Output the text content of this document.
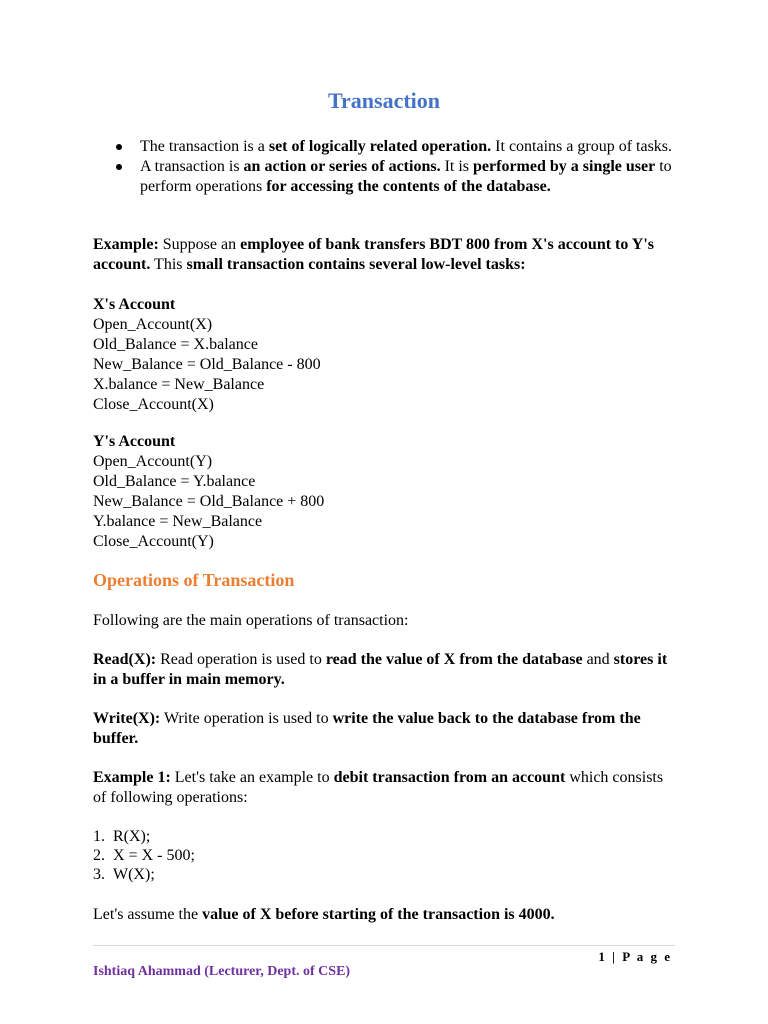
Transaction
The transaction is a set of logically related operation. It contains a group of tasks.
A transaction is an action or series of actions. It is performed by a single user to perform operations for accessing the contents of the database.
Example: Suppose an employee of bank transfers BDT 800 from X's account to Y's account. This small transaction contains several low-level tasks:
X's Account
Open_Account(X)
Old_Balance = X.balance
New_Balance = Old_Balance - 800
X.balance = New_Balance
Close_Account(X)
Y's Account
Open_Account(Y)
Old_Balance = Y.balance
New_Balance = Old_Balance + 800
Y.balance = New_Balance
Close_Account(Y)
Operations of Transaction
Following are the main operations of transaction:
Read(X): Read operation is used to read the value of X from the database and stores it in a buffer in main memory.
Write(X): Write operation is used to write the value back to the database from the buffer.
Example 1: Let's take an example to debit transaction from an account which consists of following operations:
1. R(X);
2. X = X - 500;
3. W(X);
Let's assume the value of X before starting of the transaction is 4000.
1 | P a g e
Ishtiaq Ahammad (Lecturer, Dept. of CSE)
